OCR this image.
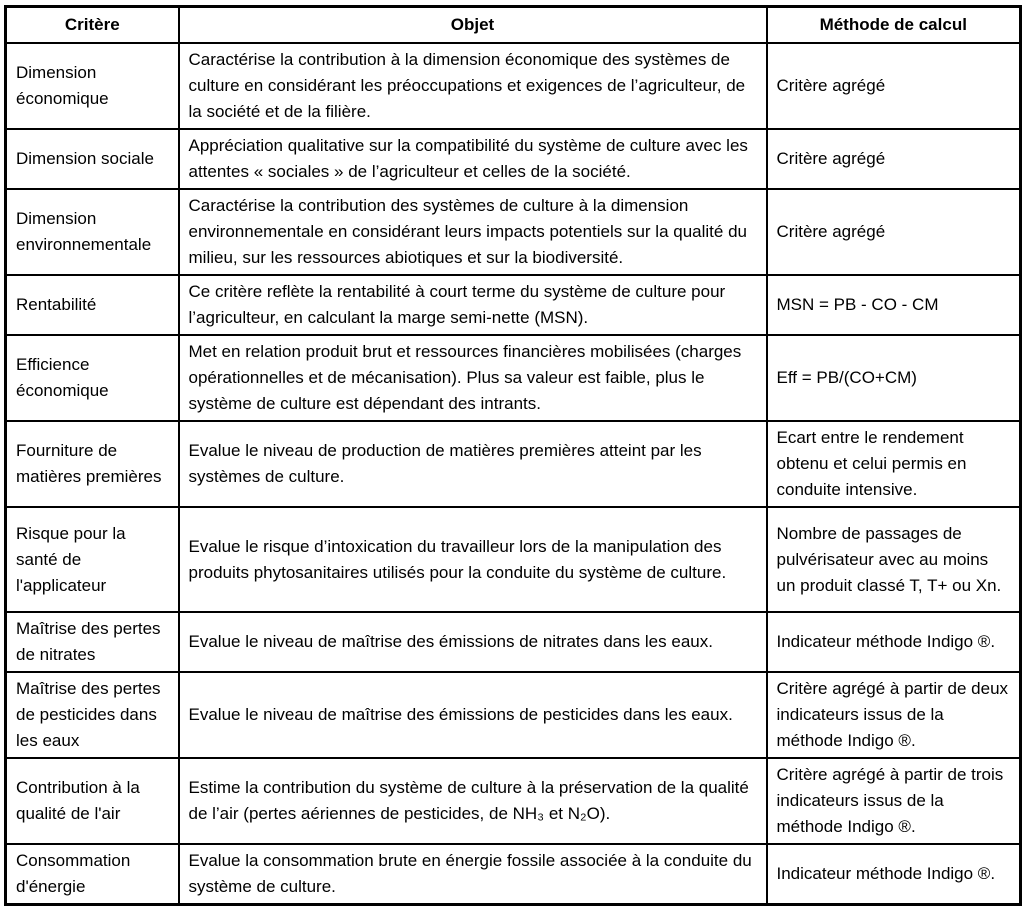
Critère	Objet	Méthode de calcul
Dimension économique	Caractérise la contribution à la dimension économique des systèmes de culture en considérant les préoccupations et exigences de l’agriculteur, de la société et de la filière.	Critère agrégé
Dimension sociale	Appréciation qualitative sur la compatibilité du système de culture avec les attentes « sociales » de l’agriculteur et celles de la société.	Critère agrégé
Dimension environnementale	Caractérise la contribution des systèmes de culture à la dimension environnementale en considérant leurs impacts potentiels sur la qualité du milieu, sur les ressources abiotiques et sur la biodiversité.	Critère agrégé
Rentabilité	Ce critère reflète la rentabilité à court terme du système de culture pour l’agriculteur, en calculant la marge semi-nette (MSN).	MSN = PB - CO - CM
Efficience économique	Met en relation produit brut et ressources financières mobilisées (charges opérationnelles et de mécanisation). Plus sa valeur est faible, plus le système de culture est dépendant des intrants.	Eff = PB/(CO+CM)
Fourniture de matières premières	Evalue le niveau de production de matières premières atteint par les systèmes de culture.	Ecart entre le rendement obtenu et celui permis en conduite intensive.
Risque pour la santé de l'applicateur	Evalue le risque d’intoxication du travailleur lors de la manipulation des produits phytosanitaires utilisés pour la conduite du système de culture.	Nombre de passages de pulvérisateur avec au moins un produit classé T, T+ ou Xn.
Maîtrise des pertes de nitrates	Evalue le niveau de maîtrise des émissions de nitrates dans les eaux.	Indicateur méthode Indigo ®.
Maîtrise des pertes de pesticides dans les eaux	Evalue le niveau de maîtrise des émissions de pesticides dans les eaux.	Critère agrégé à partir de deux indicateurs issus de la méthode Indigo ®.
Contribution à la qualité de l'air	Estime la contribution du système de culture à la préservation de la qualité de l’air (pertes aériennes de pesticides, de NH₃ et N₂O).	Critère agrégé à partir de trois indicateurs issus de la méthode Indigo ®.
Consommation d'énergie	Evalue la consommation brute en énergie fossile associée à la conduite du système de culture.	Indicateur méthode Indigo ®.
